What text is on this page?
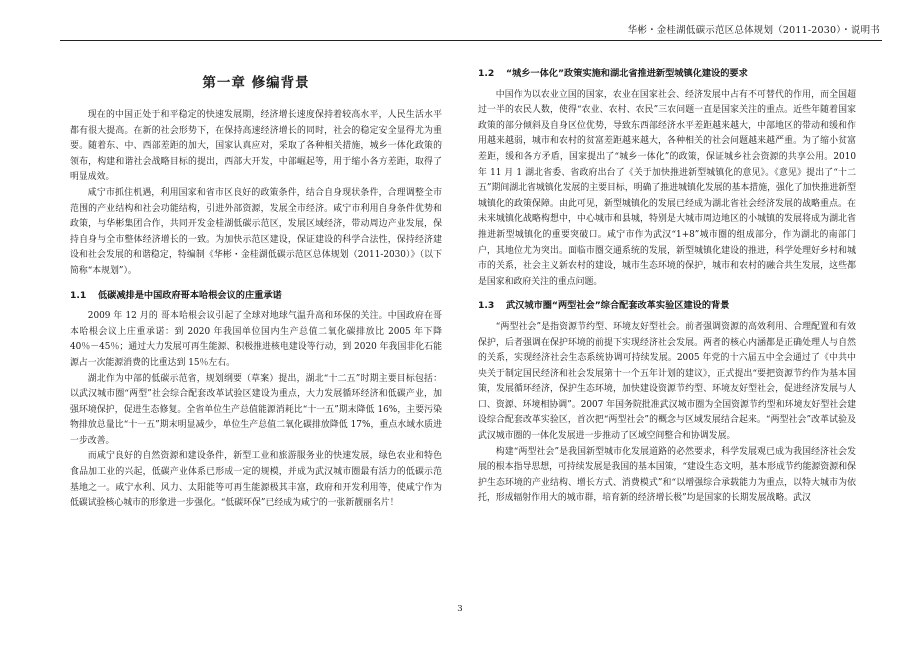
华彬・金桂湖低碳示范区总体规划（2011-2030）・说明书
第一章 修编背景

现在的中国正处于和平稳定的快速发展期，经济增长速度保持着较高水平，人民生活水平都有很大提高。在新的社会形势下，在保持高速经济增长的同时，社会的稳定安全显得尤为重要。随着东、中、西部差距的加大，国家认真应对，采取了各种相关措施，城乡一体化政策的领布，构建和谐社会战略目标的提出，西部大开发，中部崛起等，用于缩小各方差距，取得了明显成效。

咸宁市抓住机遇，利用国家和省市区良好的政策条件，结合自身现状条件，合理调整全市范围的产业结构和社会功能结构，引进外部资源，发展全市经济。咸宁市利用自身条件优势和政策，与华彬集团合作，共同开发金桂湖低碳示范区，发展区域经济，带动周边产业发展，保持自身与全市整体经济增长的一致。为加快示范区建设，保证建设的科学合法性，保持经济建设和社会发展的和谐稳定，特编制《华彬・金桂湖低碳示范区总体规划（2011-2030）》（以下简称“本规划”）。

1.1 低碳减排是中国政府哥本哈根会议的庄重承诺

2009 年 12 月的 哥本哈根会议引起了全球对地球气温升高和环保的关注。中国政府在哥本哈根会议上庄重承诺：到 2020 年我国单位国内生产总值二氧化碳排放比 2005 年下降 40％－45％；通过大力发展可再生能源、积极推进核电建设等行动，到 2020 年我国非化石能源占一次能源消费的比重达到 15％左右。

湖北作为中部的低碳示范省，规划纲要（草案）提出，湖北“十二五”时期主要目标包括：以武汉城市圈“两型”社会综合配套改革试验区建设为重点，大力发展循环经济和低碳产业，加强环境保护，促进生态修复。全省单位生产总值能源消耗比“十一五”期末降低 16%，主要污染物排放总量比“十一五”期末明显减少，单位生产总值二氧化碳排放降低 17%，重点水域水质进一步改善。

而咸宁良好的自然资源和建设条件，新型工业和旅游服务业的快速发展，绿色农业和特色食品加工业的兴起，低碳产业体系已形成一定的规模，并成为武汉城市圈最有活力的低碳示范基地之一。咸宁水利、风力、太阳能等可再生能源极其丰富，政府和开发利用等，使咸宁作为低碳试验核心城市的形象进一步强化。“低碳环保”已经成为咸宁的一张新靓丽名片！

1.2 “城乡一体化”政策实施和湖北省推进新型城镇化建设的要求

中国作为以农业立国的国家，农业在国家社会、经济发展中占有不可替代的作用，而全国超过一半的农民人数，使得“农业、农村、农民”三农问题一直是国家关注的重点。近些年随着国家政策的部分倾斜及自身区位优势，导致东西部经济水平差距越来越大，中部地区的带动和缓和作用越来越弱，城市和农村的贫富差距越来越大，各种相关的社会问题越来越严重。为了缩小贫富差距，缓和各方矛盾，国家提出了“城乡一体化”的政策，保证城乡社会资源的共享公用。2010 年 11 月 1 湖北省委、省政府出台了《关于加快推进新型城镇化的意见》。《意见》提出了“十二五”期间湖北省城镇化发展的主要目标，明确了推进城镇化发展的基本措施，强化了加快推进新型城镇化的政策保障。由此可见，新型城镇化的发展已经成为湖北省社会经济发展的战略重点。在未来城镇化战略构想中，中心城市和县城，特别是大城市周边地区的小城镇的发展将成为湖北省推进新型城镇化的重要突破口。咸宁市作为武汉“1+8”城市圈的组成部分，作为湖北的南部门户，其地位尤为突出。面临市圈交通系统的发展，新型城镇化建设的推进，科学处理好乡村和城市的关系，社会主义新农村的建设，城市生态环境的保护，城市和农村的融合共生发展，这些都是国家和政府关注的重点问题。

1.3 武汉城市圈“两型社会”综合配套改革实验区建设的背景

“两型社会”是指资源节约型、环境友好型社会。前者强调资源的高效利用、合理配置和有效保护，后者强调在保护环境的前提下实现经济社会发展。两者的核心内涵都是正确处理人与自然的关系，实现经济社会生态系统协调可持续发展。2005 年党的十六届五中全会通过了《中共中央关于制定国民经济和社会发展第十一个五年计划的建议》，正式提出“要把资源节约作为基本国策，发展循环经济，保护生态环境，加快建设资源节约型、环境友好型社会，促进经济发展与人口、资源、环境相协调”。2007 年国务院批准武汉城市圈为全国资源节约型和环境友好型社会建设综合配套改革实验区，首次把“两型社会”的概念与区域发展结合起来。“两型社会”改革试验及武汉城市圈的一体化发展进一步推动了区域空间整合和协调发展。

构建“两型社会”是我国新型城市化发展道路的必然要求，科学发展观已成为我国经济社会发展的根本指导思想，可持续发展是我国的基本国策，“建设生态文明，基本形成节约能源资源和保护生态环境的产业结构、增长方式、消费模式”和“以增强综合承载能力为重点，以特大城市为依托，形成辐射作用大的城市群，培育新的经济增长极”均是国家的长期发展战略。武汉

3
